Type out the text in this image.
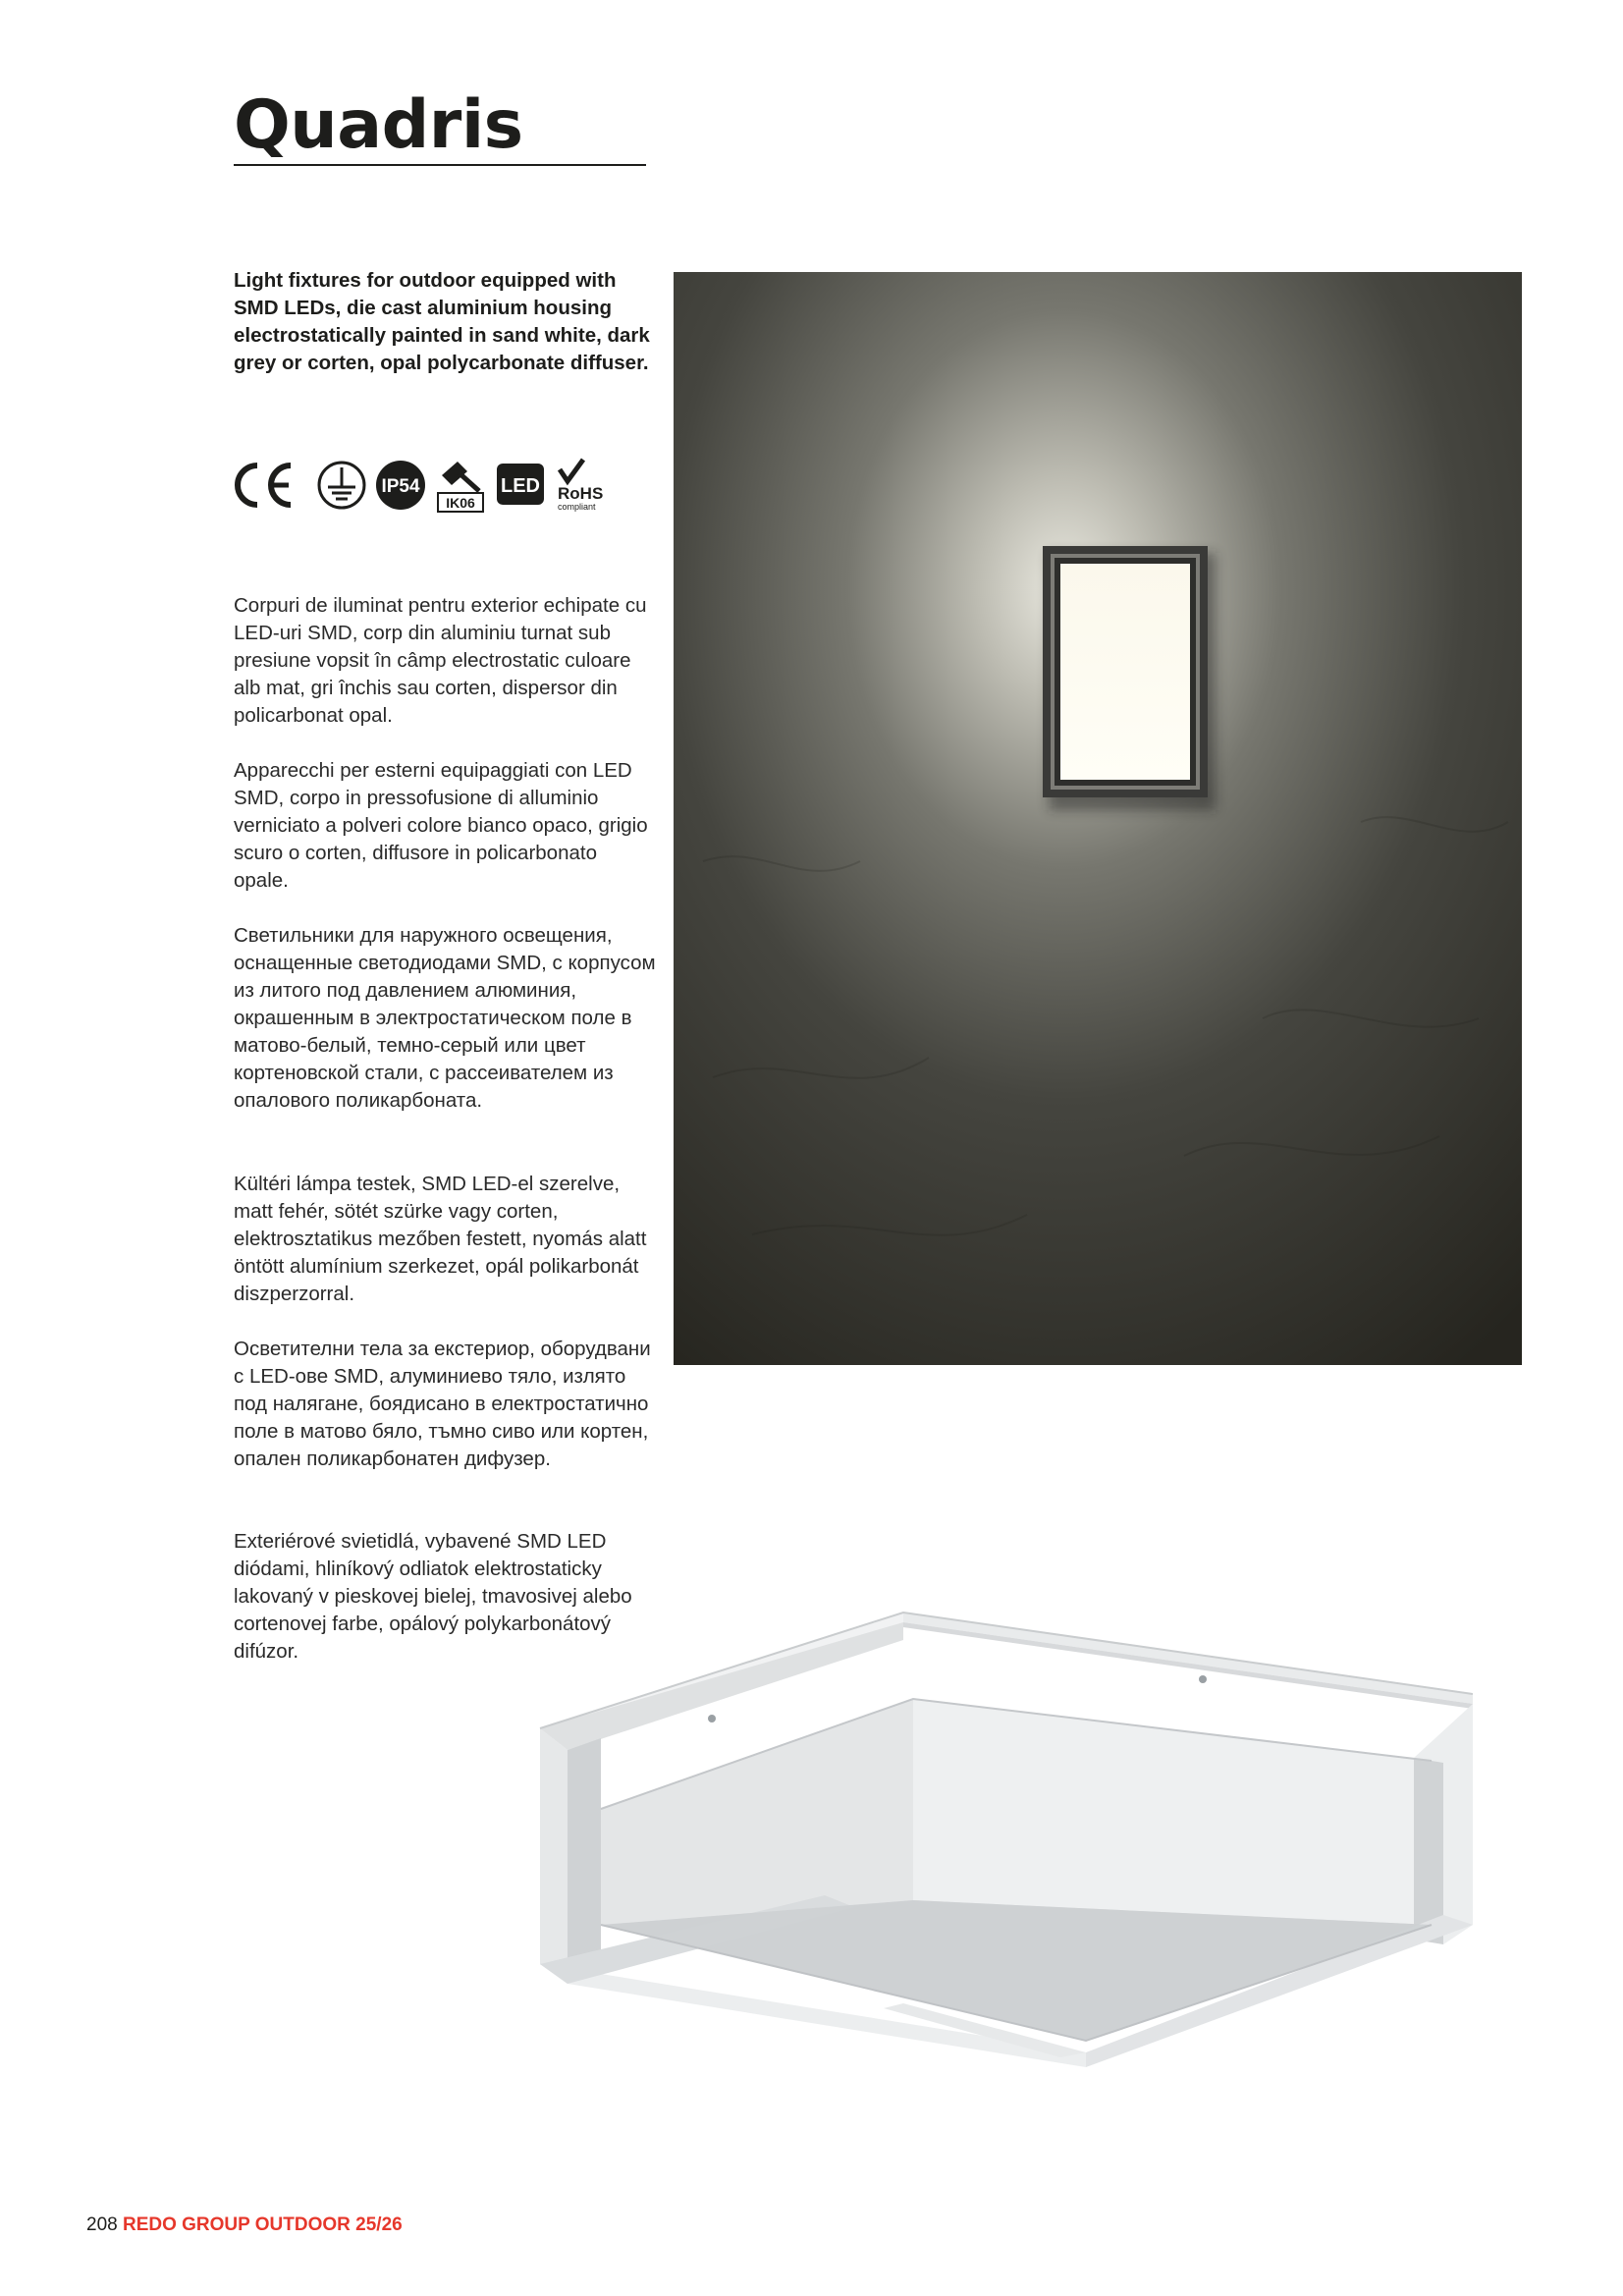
Quadris

Light fixtures for outdoor equipped with SMD LEDs, die cast aluminium housing electrostatically painted in sand white, dark grey or corten, opal polycarbonate diffuser.

IP54
IK06
LED RoHS
compliant

Corpuri de iluminat pentru exterior echipate cu LED-uri SMD, corp din aluminiu turnat sub presiune vopsit în câmp electrostatic culoare alb mat, gri închis sau corten, dispersor din policarbonat opal.

Apparecchi per esterni equipaggiati con LED SMD, corpo in pressofusione di alluminio verniciato a polveri colore bianco opaco, grigio scuro o corten, diffusore in policarbonato opale.

Светильники для наружного освещения, оснащенные светодиодами SMD, с корпусом из литого под давлением алюминия, окрашенным в электростатическом поле в матово-белый, темно-серый или цвет кортеновской стали, с рассеивателем из опалового поликарбоната.

Kültéri lámpa testek, SMD LED-el szerelve, matt fehér, sötét szürke vagy corten, elektrosztatikus mezőben festett, nyomás alatt öntött alumínium szerkezet, opál polikarbonát diszperzorral.

Осветителни тела за екстериор, оборудвани с LED-ове SMD, алуминиево тяло, излято под налягане, боядисано в електростатично поле в матово бяло, тъмно сиво или кортен, опален поликарбонатен дифузер.

Exteriérové svietidlá, vybavené SMD LED diódami, hliníkový odliatok elektrostaticky lakovaný v pieskovej bielej, tmavosivej alebo cortenovej farbe, opálový polykarbonátový difúzor.

208 REDO GROUP OUTDOOR 25/26
